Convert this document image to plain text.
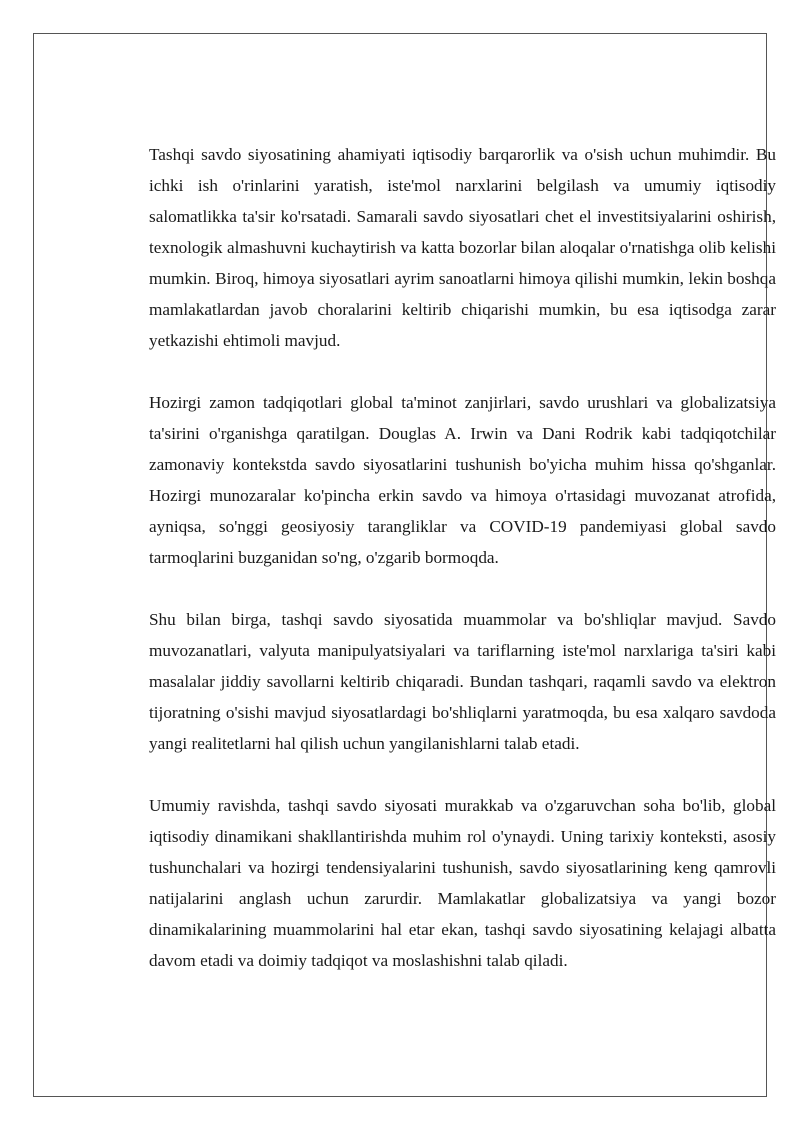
Tashqi savdo siyosatining ahamiyati iqtisodiy barqarorlik va o'sish uchun muhimdir. Bu ichki ish o'rinlarini yaratish, iste'mol narxlarini belgilash va umumiy iqtisodiy salomatlikka ta'sir ko'rsatadi. Samarali savdo siyosatlari chet el investitsiyalarini oshirish, texnologik almashuvni kuchaytirish va katta bozorlar bilan aloqalar o'rnatishga olib kelishi mumkin. Biroq, himoya siyosatlari ayrim sanoatlarni himoya qilishi mumkin, lekin boshqa mamlakatlardan javob choralarini keltirib chiqarishi mumkin, bu esa iqtisodga zarar yetkazishi ehtimoli mavjud.

Hozirgi zamon tadqiqotlari global ta'minot zanjirlari, savdo urushlari va globalizatsiya ta'sirini o'rganishga qaratilgan. Douglas A. Irwin va Dani Rodrik kabi tadqiqotchilar zamonaviy kontekstda savdo siyosatlarini tushunish bo'yicha muhim hissa qo'shganlar. Hozirgi munozaralar ko'pincha erkin savdo va himoya o'rtasidagi muvozanat atrofida, ayniqsa, so'nggi geosiyosiy tarangliklar va COVID-19 pandemiyasi global savdo tarmoqlarini buzganidan so'ng, o'zgarib bormoqda.

Shu bilan birga, tashqi savdo siyosatida muammolar va bo'shliqlar mavjud. Savdo muvozanatlari, valyuta manipulyatsiyalari va tariflarning iste'mol narxlariga ta'siri kabi masalalar jiddiy savollarni keltirib chiqaradi. Bundan tashqari, raqamli savdo va elektron tijoratning o'sishi mavjud siyosatlardagi bo'shliqlarni yaratmoqda, bu esa xalqaro savdoda yangi realitetlarni hal qilish uchun yangilanishlarni talab etadi.

Umumiy ravishda, tashqi savdo siyosati murakkab va o'zgaruvchan soha bo'lib, global iqtisodiy dinamikani shakllantirishda muhim rol o'ynaydi. Uning tarixiy konteksti, asosiy tushunchalari va hozirgi tendensiyalarini tushunish, savdo siyosatlarining keng qamrovli natijalarini anglash uchun zarurdir. Mamlakatlar globalizatsiya va yangi bozor dinamikalarining muammolarini hal etar ekan, tashqi savdo siyosatining kelajagi albatta davom etadi va doimiy tadqiqot va moslashishni talab qiladi.
